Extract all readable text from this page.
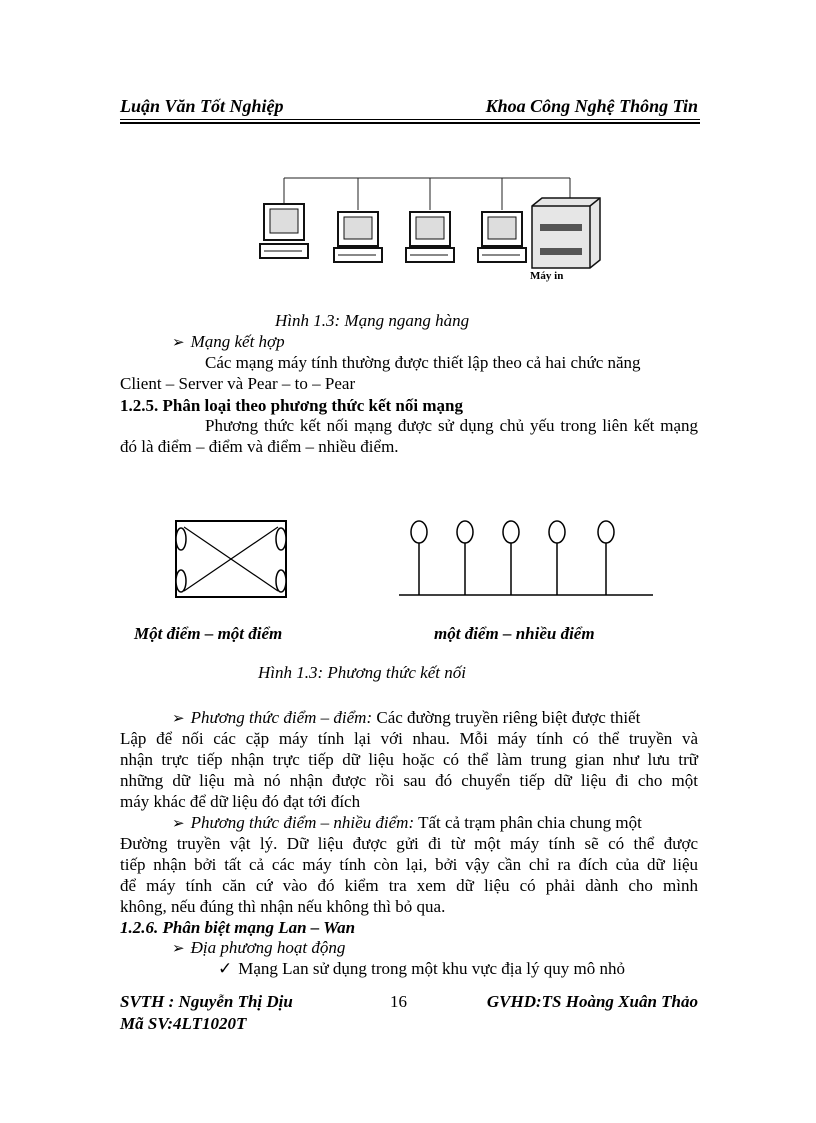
Luận Văn Tốt Nghiệp	Khoa Công Nghệ Thông Tin
Máy in
Hình 1.3: Mạng ngang hàng
➢ Mạng kết hợp
Các mạng máy tính thường được thiết lập theo cả hai chức năng
Client – Server và Pear – to – Pear
1.2.5. Phân loại theo phương thức kết nối mạng
Phương thức kết nối mạng được sử dụng chủ yếu trong liên kết mạng
đó là điểm – điểm và điểm – nhiều điểm.
Một điểm – một điểm	một điểm – nhiều điểm
Hình 1.3: Phương thức kết nối
➢ Phương thức điểm – điểm: Các đường truyền riêng biệt được thiết
Lập để nối các cặp máy tính lại với nhau. Mỗi máy tính có thể truyền và
nhận trực tiếp nhận trực tiếp dữ liệu hoặc có thể làm trung gian như lưu trữ
những dữ liệu mà nó nhận được rồi sau đó chuyển tiếp dữ liệu đi cho một
máy khác để dữ liệu đó đạt tới đích
➢ Phương thức điểm – nhiều điểm: Tất cả trạm phân chia chung một
Đường truyền vật lý. Dữ liệu được gửi đi từ một máy tính sẽ có thể được
tiếp nhận bởi tất cả các máy tính còn lại, bởi vậy cần chỉ ra đích của dữ liệu
để máy tính căn cứ vào đó kiểm tra xem dữ liệu có phải dành cho mình
không, nếu đúng thì nhận nếu không thì bỏ qua.
1.2.6. Phân biệt mạng Lan – Wan
➢ Địa phương hoạt động
✓ Mạng Lan sử dụng trong một khu vực địa lý quy mô nhỏ
SVTH : Nguyễn Thị Dịu	16	GVHD:TS Hoàng Xuân Thảo
Mã SV:4LT1020T
